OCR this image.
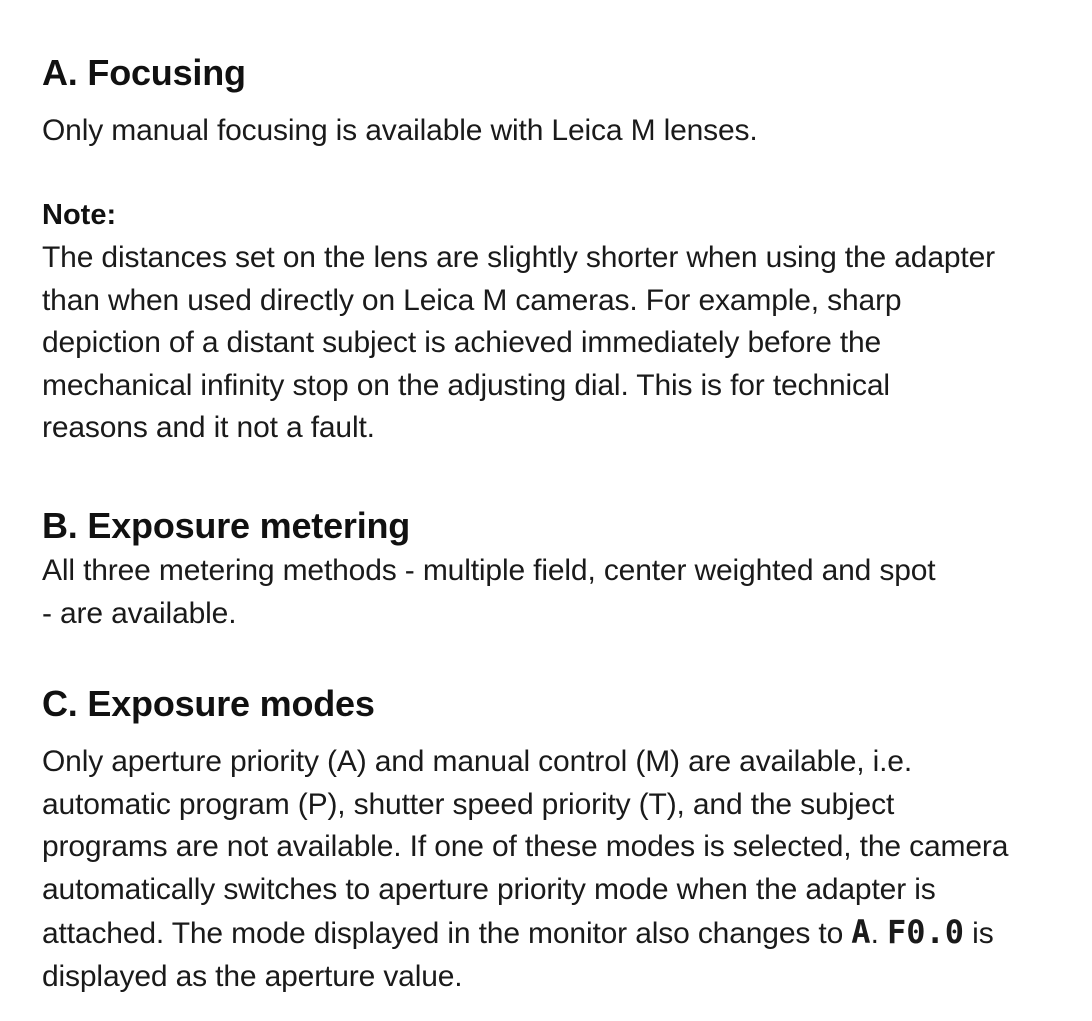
A. Focusing

Only manual focusing is available with Leica M lenses.

Note:

The distances set on the lens are slightly shorter when using the adapter
than when used directly on Leica M cameras. For example, sharp
depiction of a distant subject is achieved immediately before the
mechanical infinity stop on the adjusting dial. This is for technical
reasons and it not a fault.

B. Exposure metering

All three metering methods - multiple field, center weighted and spot
- are available.

C. Exposure modes

Only aperture priority (A) and manual control (M) are available, i.e.
automatic program (P), shutter speed priority (T), and the subject
programs are not available. If one of these modes is selected, the camera
automatically switches to aperture priority mode when the adapter is
attached. The mode displayed in the monitor also changes to A. F0.0 is
displayed as the aperture value.
